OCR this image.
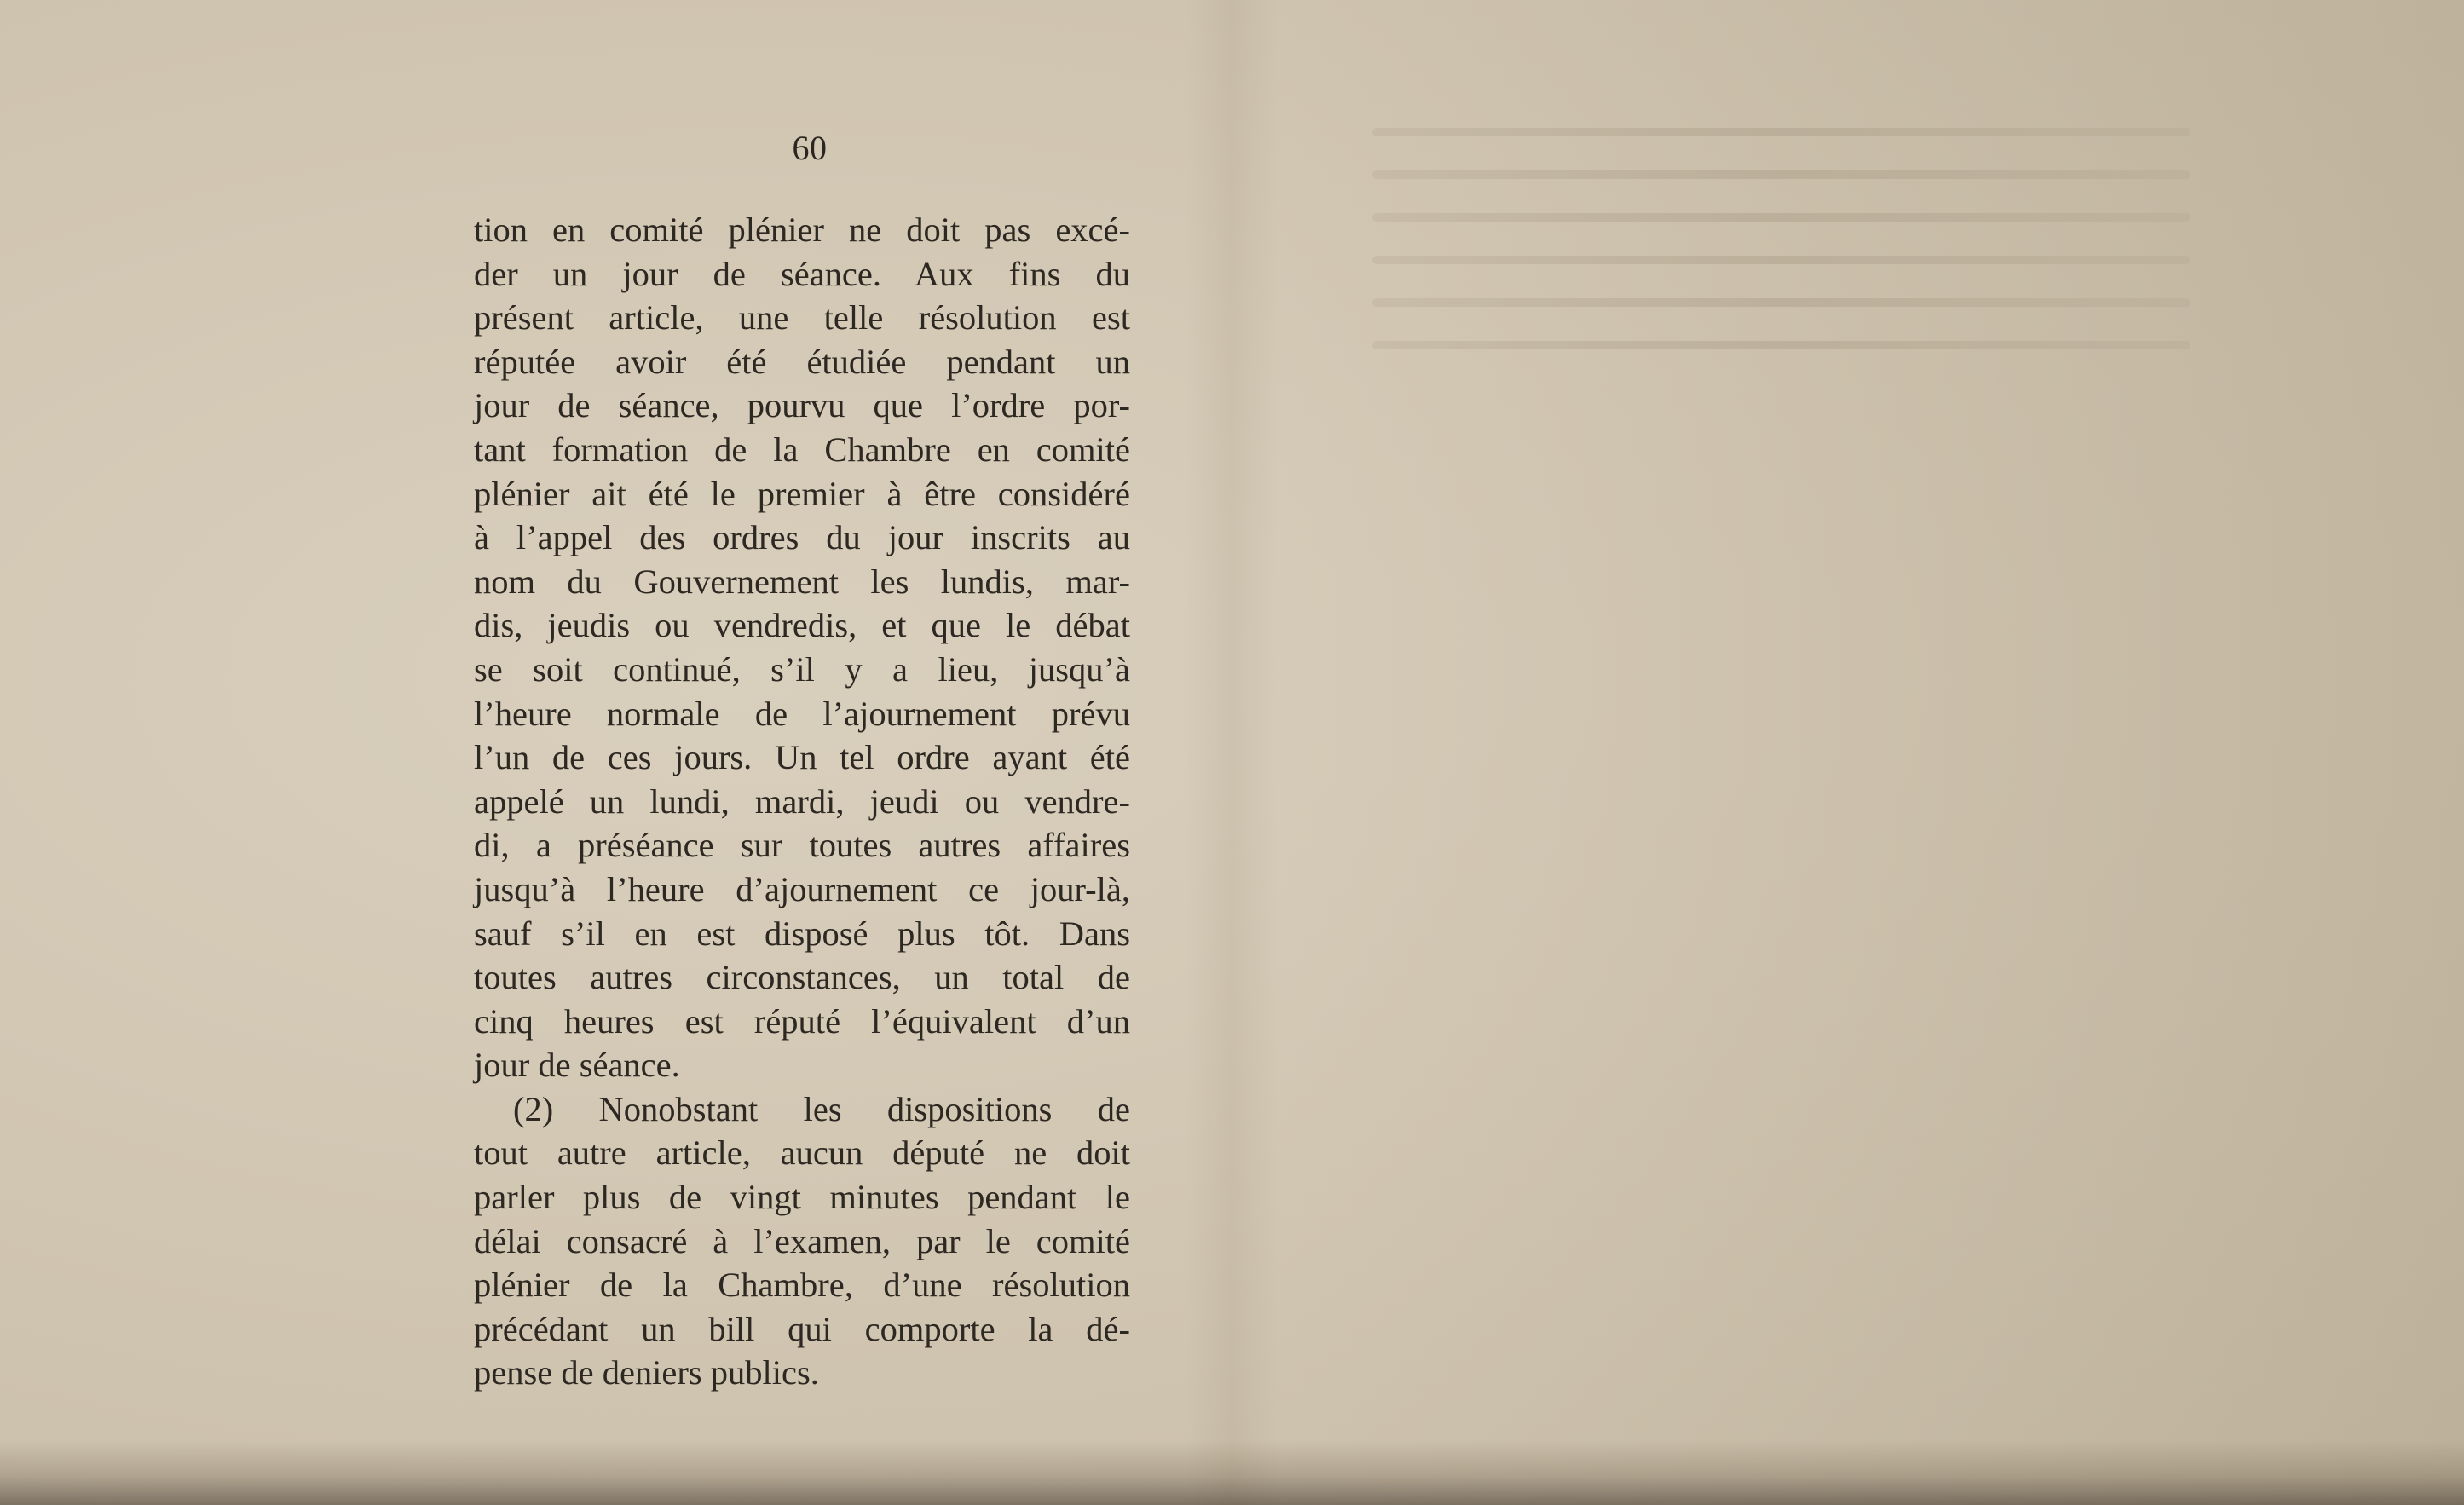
60
tion en comité plénier ne doit pas excé-
der un jour de séance. Aux fins du
présent article, une telle résolution est
réputée avoir été étudiée pendant un
jour de séance, pourvu que l’ordre por-
tant formation de la Chambre en comité
plénier ait été le premier à être considéré
à l’appel des ordres du jour inscrits au
nom du Gouvernement les lundis, mar-
dis, jeudis ou vendredis, et que le débat
se soit continué, s’il y a lieu, jusqu’à
l’heure normale de l’ajournement prévu
l’un de ces jours. Un tel ordre ayant été
appelé un lundi, mardi, jeudi ou vendre-
di, a préséance sur toutes autres affaires
jusqu’à l’heure d’ajournement ce jour-là,
sauf s’il en est disposé plus tôt. Dans
toutes autres circonstances, un total de
cinq heures est réputé l’équivalent d’un
jour de séance.
(2) Nonobstant les dispositions de
tout autre article, aucun député ne doit
parler plus de vingt minutes pendant le
délai consacré à l’examen, par le comité
plénier de la Chambre, d’une résolution
précédant un bill qui comporte la dé-
pense de deniers publics.
